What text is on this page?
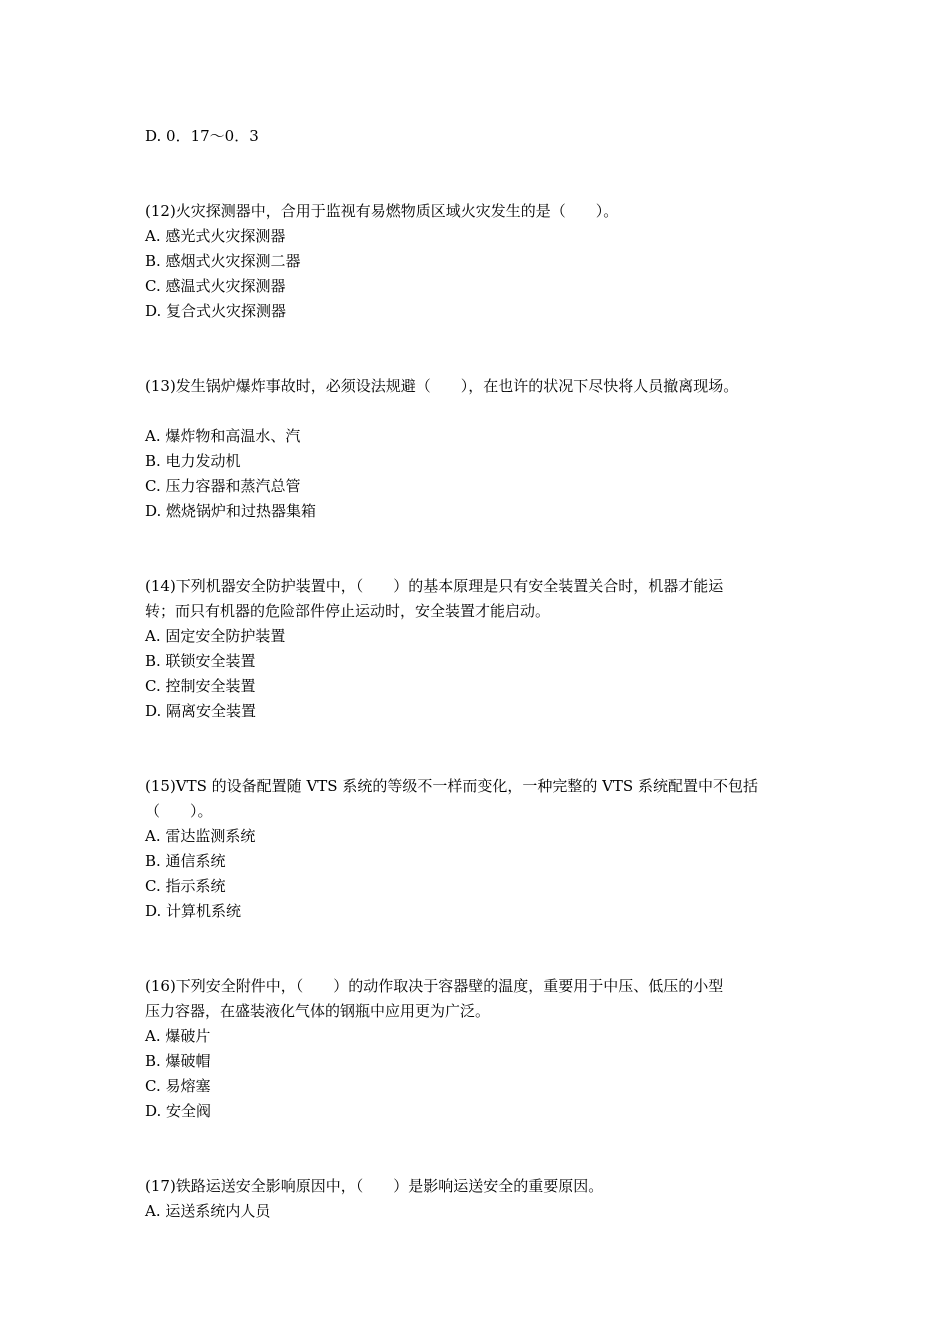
D. 0．17～0．3
(12)火灾探测器中，合用于监视有易燃物质区域火灾发生的是（　　）。
A. 感光式火灾探测器
B. 感烟式火灾探测二器
C. 感温式火灾探测器
D. 复合式火灾探测器
(13)发生锅炉爆炸事故时，必须设法规避（　　），在也许的状况下尽快将人员撤离现场。
A. 爆炸物和高温水、汽
B. 电力发动机
C. 压力容器和蒸汽总管
D. 燃烧锅炉和过热器集箱
(14)下列机器安全防护装置中，（　　）的基本原理是只有安全装置关合时，机器才能运
转；而只有机器的危险部件停止运动时，安全装置才能启动。
A. 固定安全防护装置
B. 联锁安全装置
C. 控制安全装置
D. 隔离安全装置
(15)VTS 的设备配置随 VTS 系统的等级不一样而变化，一种完整的 VTS 系统配置中不包括
（　　）。
A. 雷达监测系统
B. 通信系统
C. 指示系统
D. 计算机系统
(16)下列安全附件中，（　　）的动作取决于容器壁的温度，重要用于中压、低压的小型
压力容器，在盛装液化气体的钢瓶中应用更为广泛。
A. 爆破片
B. 爆破帽
C. 易熔塞
D. 安全阀
(17)铁路运送安全影响原因中，（　　）是影响运送安全的重要原因。
A. 运送系统内人员
